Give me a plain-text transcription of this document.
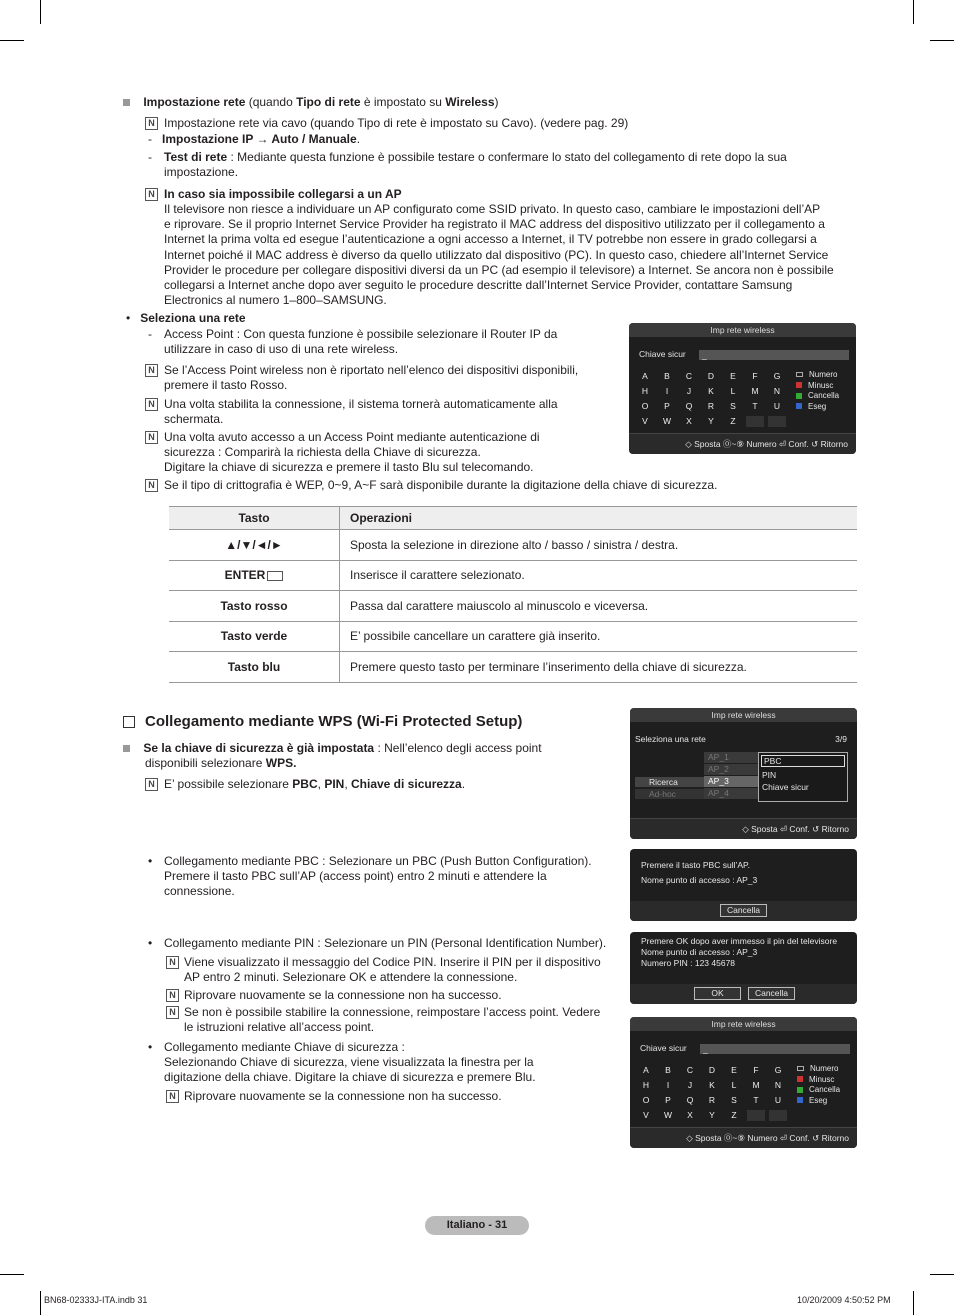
Impostazione rete (quando Tipo di rete è impostato su Wireless)
N Impostazione rete via cavo (quando Tipo di rete è impostato su Cavo). (vedere pag. 29)
-   Impostazione IP → Auto / Manuale.
- Test di rete : Mediante questa funzione è possibile testare o confermare lo stato del collegamento di rete dopo la sua impostazione.
N In caso sia impossibile collegarsi a un AP
Il televisore non riesce a individuare un AP configurato come SSID privato. In questo caso, cambiare le impostazioni dell’AP
e riprovare. Se il proprio Internet Service Provider ha registrato il MAC address del dispositivo utilizzato per il collegamento a
Internet la prima volta ed esegue l’autenticazione a ogni accesso a Internet, il TV potrebbe non essere in grado collegarsi a
Internet poiché il MAC address è diverso da quello utilizzato dal dispositivo (PC). In questo caso, chiedere all’Internet Service
Provider le procedure per collegare dispositivi diversi da un PC (ad esempio il televisore) a Internet. Se ancora non è possibile
collegarsi a Internet anche dopo aver seguito le procedure descritte dall’Internet Service Provider, contattare Samsung
Electronics al numero 1–800–SAMSUNG.
•   Seleziona una rete
- Access Point : Con questa funzione è possibile selezionare il Router IP da
utilizzare in caso di uso di una rete wireless.
N Se l’Access Point wireless non è riportato nell’elenco dei dispositivi disponibili,
premere il tasto Rosso.
N Una volta stabilita la connessione, il sistema tornerà automaticamente alla
schermata.
N Una volta avuto accesso a un Access Point mediante autenticazione di
sicurezza : Comparirà la richiesta della Chiave di sicurezza.
Digitare la chiave di sicurezza e premere il tasto Blu sul telecomando.
N Se il tipo di crittografia è WEP, 0~9, A~F sarà disponibile durante la digitazione della chiave di sicurezza.
Imp rete wireless
Chiave sicur	_
A	B	C	D	E	F	G
H	I	J	K	L	M	N
O	P	Q	R	S	T	U
V	W	X	Y	Z
Numero
Minusc
Cancella
Eseg
◇ Sposta ⓪~⑨ Numero ⏎ Conf. ↺ Ritorno
Tasto	Operazioni
▲/▼/◄/►	Sposta la selezione in direzione alto / basso / sinistra / destra.
ENTER	Inserisce il carattere selezionato.
Tasto rosso	Passa dal carattere maiuscolo al minuscolo e viceversa.
Tasto verde	E’ possibile cancellare un carattere già inserito.
Tasto blu	Premere questo tasto per terminare l’inserimento della chiave di sicurezza.
Collegamento mediante WPS (Wi-Fi Protected Setup)
Se la chiave di sicurezza è già impostata : Nell’elenco degli access point
disponibili selezionare WPS.
N E’ possibile selezionare PBC, PIN, Chiave di sicurezza.
• Collegamento mediante PBC : Selezionare un PBC (Push Button Configuration).
Premere il tasto PBC sull’AP (access point) entro 2 minuti e attendere la
connessione.
• Collegamento mediante PIN : Selezionare un PIN (Personal Identification Number).
N Viene visualizzato il messaggio del Codice PIN. Inserire il PIN per il dispositivo
AP entro 2 minuti. Selezionare OK e attendere la connessione.
N Riprovare nuovamente se la connessione non ha successo.
N Se non è possibile stabilire la connessione, reimpostare l’access point. Vedere
le istruzioni relative all’access point.
• Collegamento mediante Chiave di sicurezza :
Selezionando Chiave di sicurezza, viene visualizzata la finestra per la
digitazione della chiave. Digitare la chiave di sicurezza e premere Blu.
N Riprovare nuovamente se la connessione non ha successo.
Imp rete wireless
Seleziona una rete	3/9
AP_1
AP_2
AP_3
AP_4
Ricerca
Ad-hoc
PBC
PIN
Chiave sicur
◇ Sposta ⏎ Conf. ↺ Ritorno
Premere il tasto PBC sull’AP.
Nome punto di accesso : AP_3
Cancella
Premere OK dopo aver immesso il pin del televisore
Nome punto di accesso : AP_3
Numero PIN : 123 45678
OK	Cancella
Imp rete wireless
Chiave sicur	_
A	B	C	D	E	F	G
H	I	J	K	L	M	N
O	P	Q	R	S	T	U
V	W	X	Y	Z
Numero
Minusc
Cancella
Eseg
◇ Sposta ⓪~⑨ Numero ⏎ Conf. ↺ Ritorno
Italiano - 31
BN68-02333J-ITA.indb 31	10/20/2009 4:50:52 PM
